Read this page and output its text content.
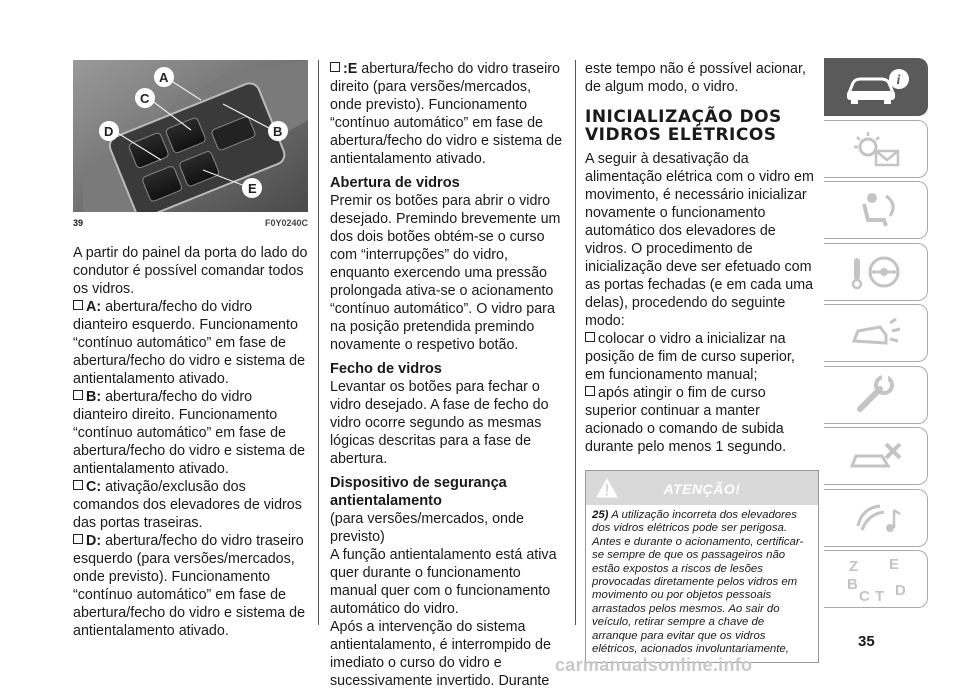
A
C
D	B
E
39	F0Y0240C

A partir do painel da porta do lado do condutor é possível comandar todos os vidros.

A: abertura/fecho do vidro dianteiro esquerdo. Funcionamento “contínuo automático” em fase de abertura/fecho do vidro e sistema de antientalamento ativado.

B: abertura/fecho do vidro dianteiro direito. Funcionamento “contínuo automático” em fase de abertura/fecho do vidro e sistema de antientalamento ativado.

C: ativação/exclusão dos comandos dos elevadores de vidros das portas traseiras.

D: abertura/fecho do vidro traseiro esquerdo (para versões/mercados, onde previsto). Funcionamento “contínuo automático” em fase de abertura/fecho do vidro e sistema de antientalamento ativado.

:E abertura/fecho do vidro traseiro direito (para versões/mercados, onde previsto). Funcionamento “contínuo automático” em fase de abertura/fecho do vidro e sistema de antientalamento ativado.

Abertura de vidros

Premir os botões para abrir o vidro desejado. Premindo brevemente um dos dois botões obtém-se o curso com “interrupções” do vidro, enquanto exercendo uma pressão prolongada ativa-se o acionamento “contínuo automático”. O vidro para na posição pretendida premindo novamente o respetivo botão.

Fecho de vidros

Levantar os botões para fechar o vidro desejado. A fase de fecho do vidro ocorre segundo as mesmas lógicas descritas para a fase de abertura.

Dispositivo de segurança antientalamento

(para versões/mercados, onde previsto)

A função antientalamento está ativa quer durante o funcionamento manual quer com o funcionamento automático do vidro.

Após a intervenção do sistema antientalamento, é interrompido de imediato o curso do vidro e sucessivamente invertido. Durante

este tempo não é possível acionar, de algum modo, o vidro.

INICIALIZAÇÃO DOS VIDROS ELÉTRICOS

A seguir à desativação da alimentação elétrica com o vidro em movimento, é necessário inicializar novamente o funcionamento automático dos elevadores de vidros. O procedimento de inicialização deve ser efetuado com as portas fechadas (e em cada uma delas), procedendo do seguinte modo:

colocar o vidro a inicializar na posição de fim de curso superior, em funcionamento manual;

após atingir o fim de curso superior continuar a manter acionado o comando de subida durante pelo menos 1 segundo.

ATENÇÃO!
25) A utilização incorreta dos elevadores dos vidros elétricos pode ser perigosa. Antes e durante o acionamento, certificar-se sempre de que os passageiros não estão expostos a riscos de lesões provocadas diretamente pelos vidros em movimento ou por objetos pessoais arrastados pelos mesmos. Ao sair do veículo, retirar sempre a chave de arranque para evitar que os vidros elétricos, acionados involuntariamente,
i
Z E
B
C T D
35
carmanualsonline.info
